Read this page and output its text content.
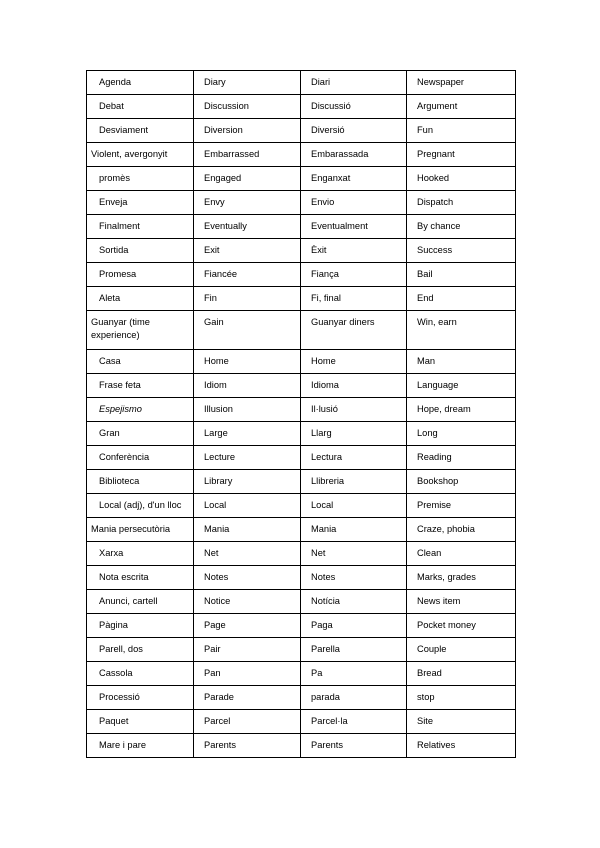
Agenda	Diary	Diari	Newspaper
Debat	Discussion	Discussió	Argument
Desviament	Diversion	Diversió	Fun
Violent, avergonyit	Embarrassed	Embarassada	Pregnant
promès	Engaged	Enganxat	Hooked
Enveja	Envy	Envio	Dispatch
Finalment	Eventually	Eventualment	By chance
Sortida	Exit	Èxit	Success
Promesa	Fiancée	Fiança	Bail
Aleta	Fin	Fi, final	End
Guanyar (time experience)	Gain	Guanyar diners	Win, earn
Casa	Home	Home	Man
Frase feta	Idiom	Idioma	Language
Espejismo	Illusion	Il·lusió	Hope, dream
Gran	Large	Llarg	Long
Conferència	Lecture	Lectura	Reading
Biblioteca	Library	Llibreria	Bookshop
Local (adj), d'un lloc	Local	Local	Premise
Mania persecutòria	Mania	Mania	Craze, phobia
Xarxa	Net	Net	Clean
Nota escrita	Notes	Notes	Marks, grades
Anunci, cartell	Notice	Notícia	News item
Pàgina	Page	Paga	Pocket money
Parell, dos	Pair	Parella	Couple
Cassola	Pan	Pa	Bread
Processió	Parade	parada	stop
Paquet	Parcel	Parcel·la	Site
Mare i pare	Parents	Parents	Relatives
